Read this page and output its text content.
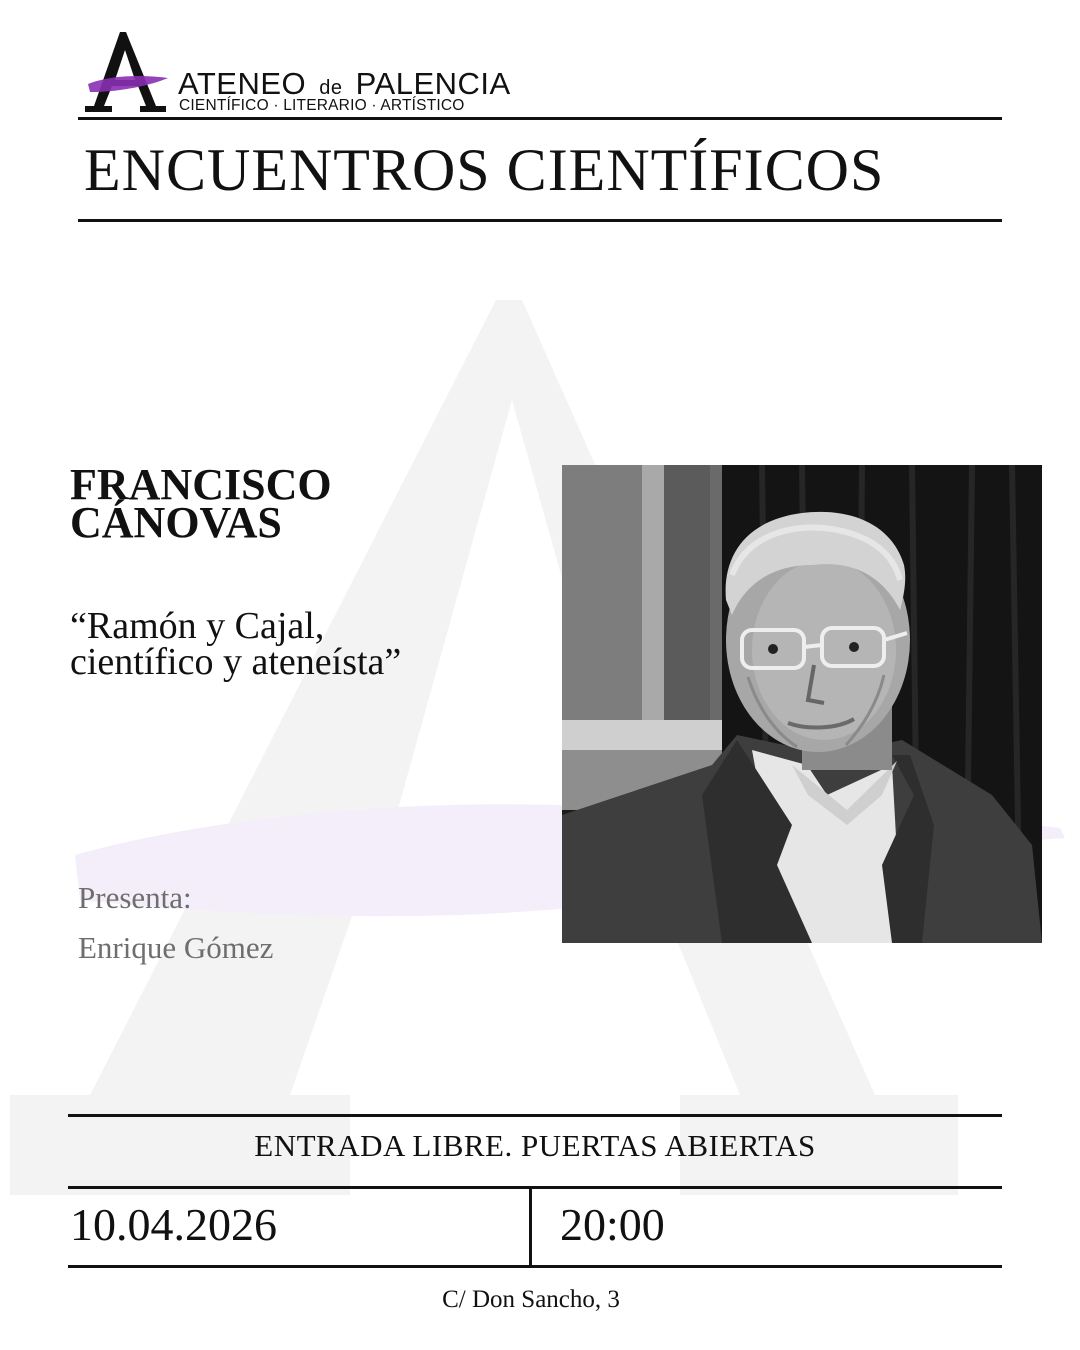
ATENEO de PALENCIA
CIENTÍFICO · LITERARIO · ARTÍSTICO
ENCUENTROS CIENTÍFICOS
FRANCISCO
CÁNOVAS
“Ramón y Cajal,
científico y ateneísta”
Presenta:
Enrique Gómez
ENTRADA LIBRE. PUERTAS ABIERTAS
10.04.2026	20:00
C/ Don Sancho, 3
